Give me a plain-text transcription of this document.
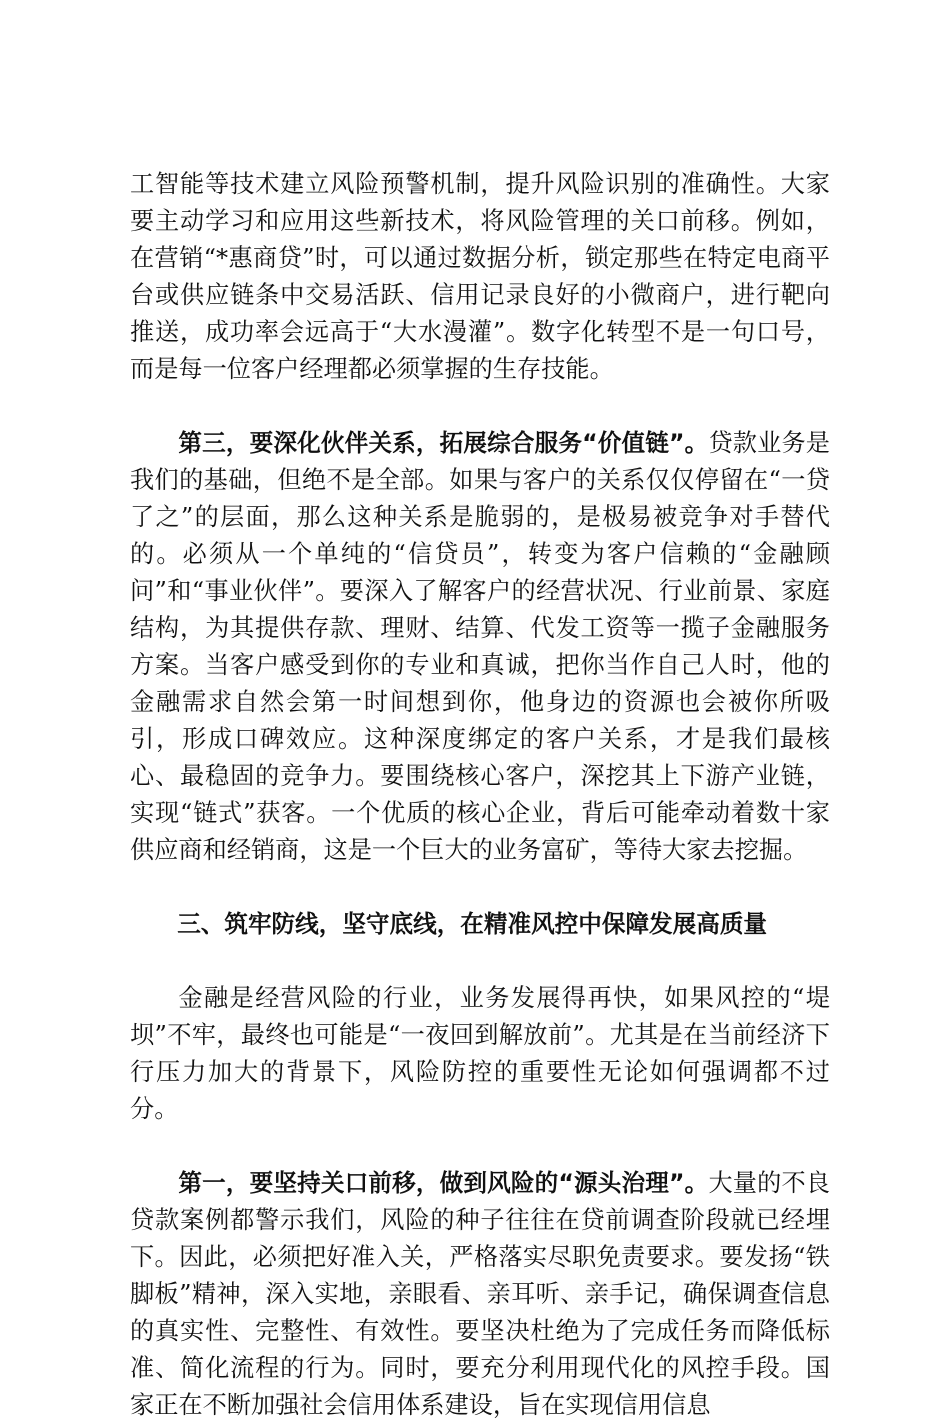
工智能等技术建立风险预警机制，提升风险识别的准确性。大家要主动学习和应用这些新技术，将风险管理的关口前移。例如，在营销“*惠商贷”时，可以通过数据分析，锁定那些在特定电商平台或供应链条中交易活跃、信用记录良好的小微商户，进行靶向推送，成功率会远高于“大水漫灌”。数字化转型不是一句口号，而是每一位客户经理都必须掌握的生存技能。

第三，要深化伙伴关系，拓展综合服务“价值链”。贷款业务是我们的基础，但绝不是全部。如果与客户的关系仅仅停留在“一贷了之”的层面，那么这种关系是脆弱的，是极易被竞争对手替代的。必须从一个单纯的“信贷员”，转变为客户信赖的“金融顾问”和“事业伙伴”。要深入了解客户的经营状况、行业前景、家庭结构，为其提供存款、理财、结算、代发工资等一揽子金融服务方案。当客户感受到你的专业和真诚，把你当作自己人时，他的金融需求自然会第一时间想到你，他身边的资源也会被你所吸引，形成口碑效应。这种深度绑定的客户关系，才是我们最核心、最稳固的竞争力。要围绕核心客户，深挖其上下游产业链，实现“链式”获客。一个优质的核心企业，背后可能牵动着数十家供应商和经销商，这是一个巨大的业务富矿，等待大家去挖掘。

三、筑牢防线，坚守底线，在精准风控中保障发展高质量

金融是经营风险的行业，业务发展得再快，如果风控的“堤坝”不牢，最终也可能是“一夜回到解放前”。尤其是在当前经济下行压力加大的背景下，风险防控的重要性无论如何强调都不过分。

第一，要坚持关口前移，做到风险的“源头治理”。大量的不良贷款案例都警示我们，风险的种子往往在贷前调查阶段就已经埋下。因此，必须把好准入关，严格落实尽职免责要求。要发扬“铁脚板”精神，深入实地，亲眼看、亲耳听、亲手记，确保调查信息的真实性、完整性、有效性。要坚决杜绝为了完成任务而降低标准、简化流程的行为。同时，要充分利用现代化的风控手段。国家正在不断加强社会信用体系建设，旨在实现信用信息
